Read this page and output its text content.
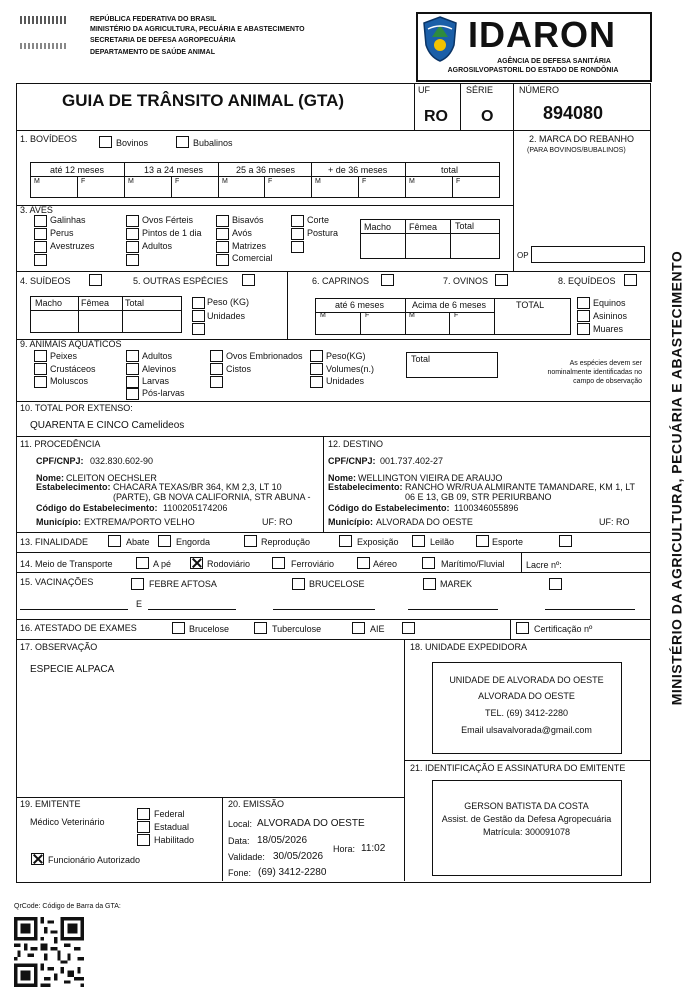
REPÚBLICA FEDERATIVA DO BRASIL
MINISTÉRIO DA AGRICULTURA, PECUÁRIA E ABASTECIMENTO
SECRETARIA DE DEFESA AGROPECUÁRIA
DEPARTAMENTO DE SAÚDE ANIMAL	IDARON
AGÊNCIA DE DEFESA SANITÁRIA
AGROSILVOPASTORIL DO ESTADO DE RONDÔNIA
MINISTÉRIO DA AGRICULTURA, PECUÁRIA E ABASTECIMENTO
GUIA DE TRÂNSITO ANIMAL (GTA)
UF
RO
SÉRIE
O
NÚMERO
894080
1. BOVÍDEOS	Bovinos	Bubalinos
até 12 meses	13 a 24 meses	25 a 36 meses	+ de 36 meses	total
M	F	M	F	M	F	M	F	M	F
2. MARCA DO REBANHO
(PARA BOVINOS/BUBALINOS)
OP
3. AVES
Galinhas
Perus
Avestruzes
Ovos Férteis
Pintos de 1 dia
Adultos
Bisavós
Avós
Matrizes
Comercial
Corte
Postura
Macho Fêmea Total
4. SUÍDEOS	5. OUTRAS ESPÉCIES	6. CAPRINOS	7. OVINOS	8. EQUÍDEOS
Macho Fêmea Total	Peso (KG)
Unidades
até 6 meses	Acima de 6 meses	TOTAL
M	F	M	F
Equinos
Asininos
Muares
9. ANIMAIS AQUÁTICOS
Peixes
Crustáceos
Moluscos
Adultos
Alevinos
Larvas
Pós-larvas
Ovos Embrionados
Cistos
Peso(KG)
Volumes(n.)
Unidades
Total	As espécies devem ser
nominalmente identificadas no
campo de observação
10. TOTAL POR EXTENSO:
QUARENTA E CINCO Camelideos
11. PROCEDÊNCIA
CPF/CNPJ: 032.830.602-90
Nome: CLEITON OECHSLER
Estabelecimento: CHACARA TEXAS/BR 364, KM 2,3, LT 10
(PARTE), GB NOVA CALIFORNIA, STR ABUNA -
Código do Estabelecimento: 1100205174206
Município: EXTREMA/PORTO VELHO	UF: RO
12. DESTINO
CPF/CNPJ: 001.737.402-27
Nome: WELLINGTON VIEIRA DE ARAUJO
Estabelecimento: RANCHO WR/RUA ALMIRANTE TAMANDARE, KM 1, LT
06 E 13, GB 09, STR PERIURBANO
Código do Estabelecimento: 1100346055896
Município: ALVORADA DO OESTE	UF: RO
13. FINALIDADE	Abate	Engorda	Reprodução	Exposição	Leilão	Esporte
14. Meio de Transporte	A pé	Rodoviário	Ferroviário	Aéreo	Marítimo/Fluvial Lacre nº:
15. VACINAÇÕES	FEBRE AFTOSA	BRUCELOSE	MAREK
E
16. ATESTADO DE EXAMES	Brucelose	Tuberculose	AIE	Certificação nº
17. OBSERVAÇÃO
ESPECIE ALPACA
18. UNIDADE EXPEDIDORA
UNIDADE DE ALVORADA DO OESTE
ALVORADA DO OESTE
TEL. (69) 3412-2280
Email ulsavalvorada@gmail.com
21. IDENTIFICAÇÃO E ASSINATURA DO EMITENTE
GERSON BATISTA DA COSTA
Assist. de Gestão da Defesa Agropecuária
Matrícula: 300091078
19. EMITENTE
Médico Veterinário
Federal
Estadual
Habilitado
Funcionário Autorizado
20. EMISSÃO
Local: ALVORADA DO OESTE
Data: 18/05/2026
Validade: 30/05/2026
Hora: 11:02
Fone: (69) 3412-2280
QrCode: Código de Barra da GTA:
